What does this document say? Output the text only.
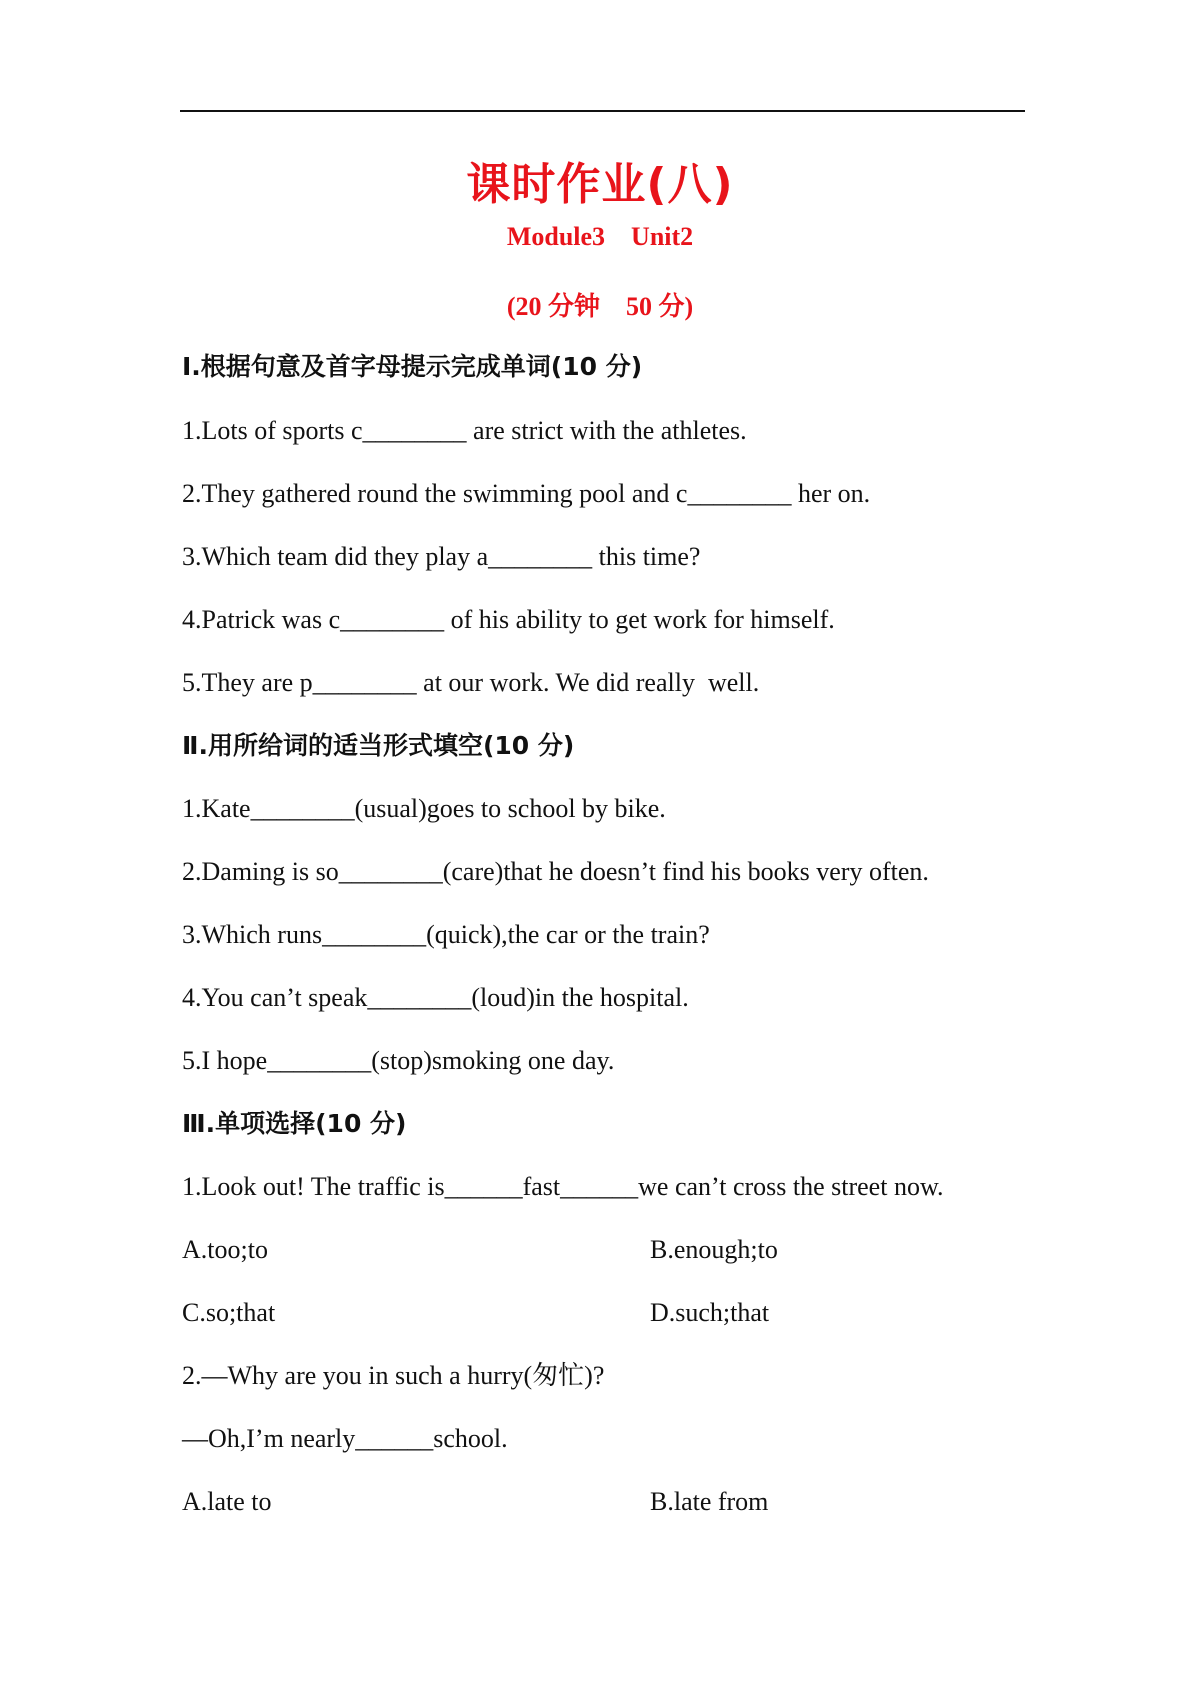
课时作业(八)
Module3    Unit2
(20 分钟    50 分)
Ⅰ.根据句意及首字母提示完成单词(10 分)
1.Lots of sports c________ are strict with the athletes.
2.They gathered round the swimming pool and c________ her on.
3.Which team did they play a________ this time?
4.Patrick was c________ of his ability to get work for himself.
5.They are p________ at our work. We did really  well.
Ⅱ.用所给词的适当形式填空(10 分)
1.Kate________(usual)goes to school by bike.
2.Daming is so________(care)that he doesn’t find his books very often.
3.Which runs________(quick),the car or the train?
4.You can’t speak________(loud)in the hospital.
5.I hope________(stop)smoking one day.
Ⅲ.单项选择(10 分)
1.Look out! The traffic is______fast______we can’t cross the street now.
A.too;to	B.enough;to
C.so;that	D.such;that
2.—Why are you in such a hurry(匆忙)?
—Oh,I’m nearly______school.
A.late to	B.late from
